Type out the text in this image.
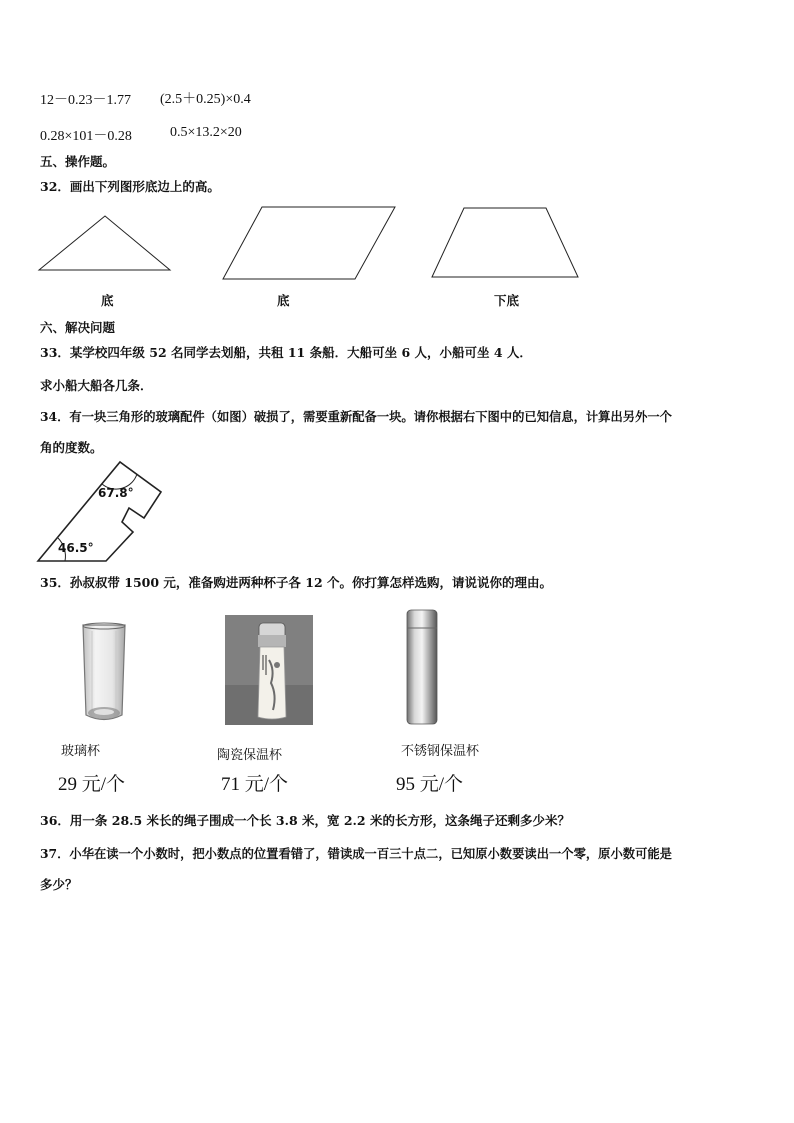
12－0.23－1.77 (2.5＋0.25)×0.4
0.28×101－0.28	0.5×13.2×20
五、操作题。
32．画出下列图形底边上的高。
底	底	下底
六、解决问题
33．某学校四年级 52 名同学去划船，共租 11 条船．大船可坐 6 人，小船可坐 4 人．
求小船大船各几条．
34．有一块三角形的玻璃配件（如图）破损了，需要重新配备一块。请你根据右下图中的已知信息，计算出另外一个
角的度数。
67.8°
46.5°
35．孙叔叔带 1500 元，准备购进两种杯子各 12 个。你打算怎样选购，请说说你的理由。
玻璃杯
29 元/个
陶瓷保温杯
71 元/个
不锈钢保温杯
95 元/个
36．用一条 28.5 米长的绳子围成一个长 3.8 米，宽 2.2 米的长方形，这条绳子还剩多少米？
37．小华在读一个小数时，把小数点的位置看错了，错读成一百三十点二，已知原小数要读出一个零，原小数可能是
多少？
